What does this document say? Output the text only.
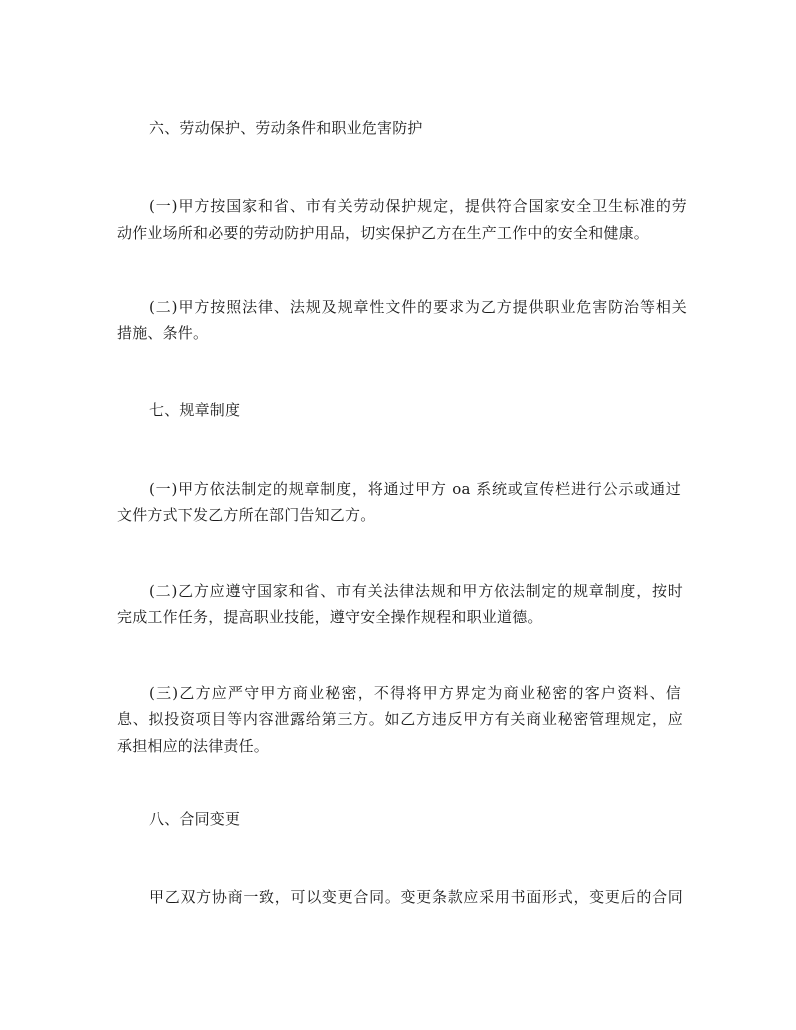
六、劳动保护、劳动条件和职业危害防护
(一)甲方按国家和省、市有关劳动保护规定，提供符合国家安全卫生标准的劳
动作业场所和必要的劳动防护用品，切实保护乙方在生产工作中的安全和健康。
(二)甲方按照法律、法规及规章性文件的要求为乙方提供职业危害防治等相关
措施、条件。
七、规章制度
(一)甲方依法制定的规章制度，将通过甲方 oa 系统或宣传栏进行公示或通过
文件方式下发乙方所在部门告知乙方。
(二)乙方应遵守国家和省、市有关法律法规和甲方依法制定的规章制度，按时
完成工作任务，提高职业技能，遵守安全操作规程和职业道德。
(三)乙方应严守甲方商业秘密，不得将甲方界定为商业秘密的客户资料、信
息、拟投资项目等内容泄露给第三方。如乙方违反甲方有关商业秘密管理规定，应
承担相应的法律责任。
八、合同变更
甲乙双方协商一致，可以变更合同。变更条款应采用书面形式，变更后的合同
